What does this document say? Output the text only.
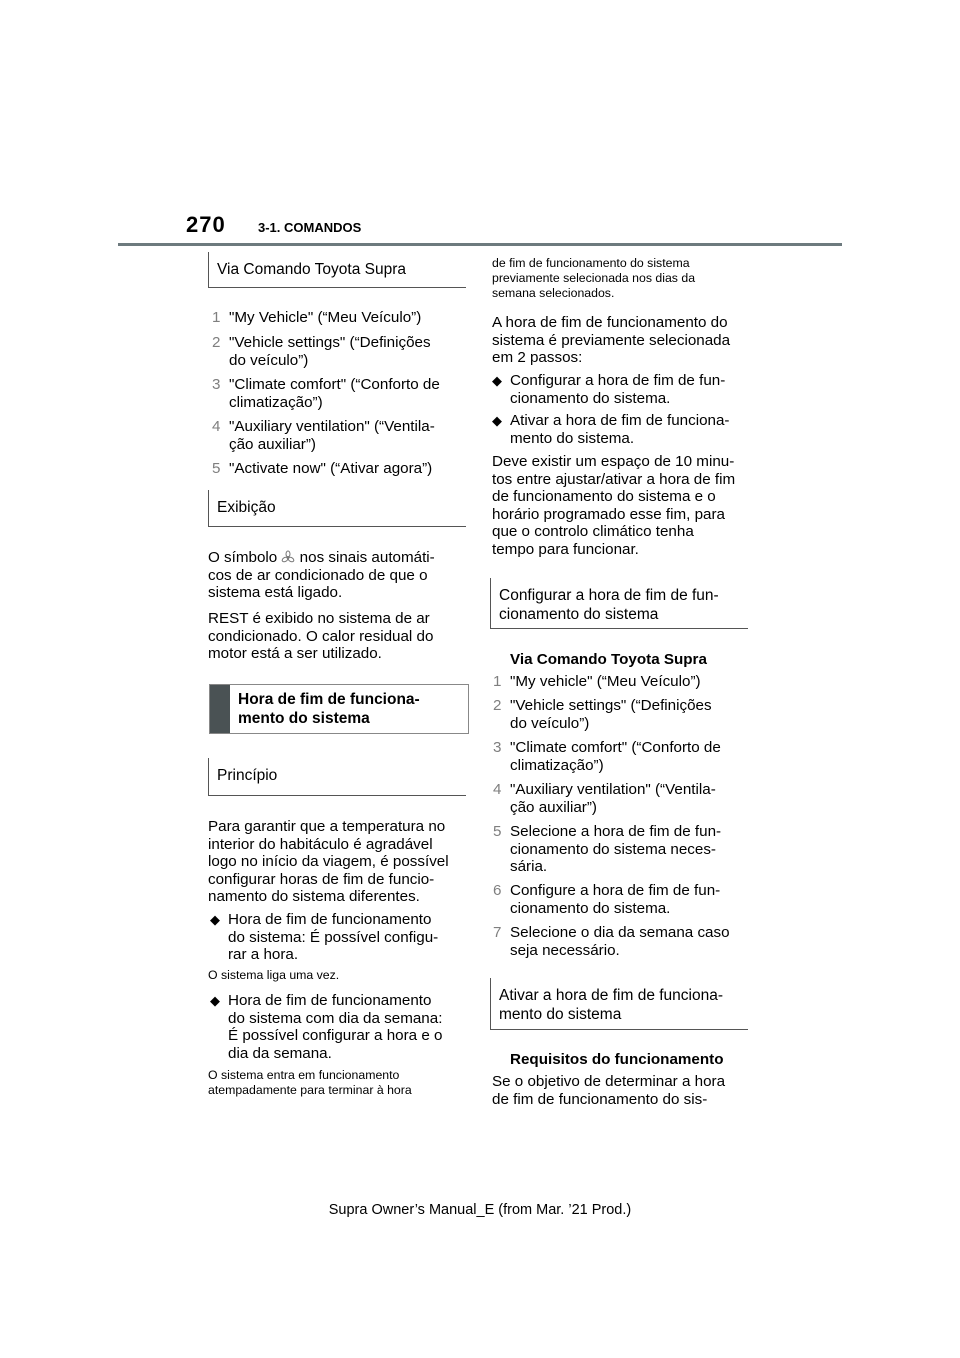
270 3-1. COMANDOS
Via Comando Toyota Supra
1 "My Vehicle" (“Meu Veículo”)
2 "Vehicle settings" (“Definições
do veículo”)
3 "Climate comfort" (“Conforto de
climatização”)
4 "Auxiliary ventilation" (“Ventila-
ção auxiliar”)
5 "Activate now" (“Ativar agora”)
Exibição

O símbolo  nos sinais automáti-
cos de ar condicionado de que o
sistema está ligado.

REST é exibido no sistema de ar
condicionado. O calor residual do
motor está a ser utilizado.

Hora de fim de funciona-
mento do sistema
Princípio

Para garantir que a temperatura no
interior do habitáculo é agradável
logo no início da viagem, é possível
configurar horas de fim de funcio-
namento do sistema diferentes.

◆ Hora de fim de funcionamento
do sistema: É possível configu-
rar a hora.
O sistema liga uma vez.
◆ Hora de fim de funcionamento
do sistema com dia da semana:
É possível configurar a hora e o
dia da semana.
O sistema entra em funcionamento
atempadamente para terminar à hora
de fim de funcionamento do sistema
previamente selecionada nos dias da
semana selecionados.

A hora de fim de funcionamento do
sistema é previamente selecionada
em 2 passos:

◆ Configurar a hora de fim de fun-
cionamento do sistema.
◆ Ativar a hora de fim de funciona-
mento do sistema.

Deve existir um espaço de 10 minu-
tos entre ajustar/ativar a hora de fim
de funcionamento do sistema e o
horário programado esse fim, para
que o controlo climático tenha
tempo para funcionar.

Configurar a hora de fim de fun-
cionamento do sistema
Via Comando Toyota Supra
1 "My vehicle" (“Meu Veículo”)
2 "Vehicle settings" (“Definições
do veículo”)
3 "Climate comfort" (“Conforto de
climatização”)
4 "Auxiliary ventilation" (“Ventila-
ção auxiliar”)
5 Selecione a hora de fim de fun-
cionamento do sistema neces-
sária.
6 Configure a hora de fim de fun-
cionamento do sistema.
7 Selecione o dia da semana caso
seja necessário.
Ativar a hora de fim de funciona-
mento do sistema
Requisitos do funcionamento

Se o objetivo de determinar a hora
de fim de funcionamento do sis-

Supra Owner’s Manual_E (from Mar. ’21 Prod.)
